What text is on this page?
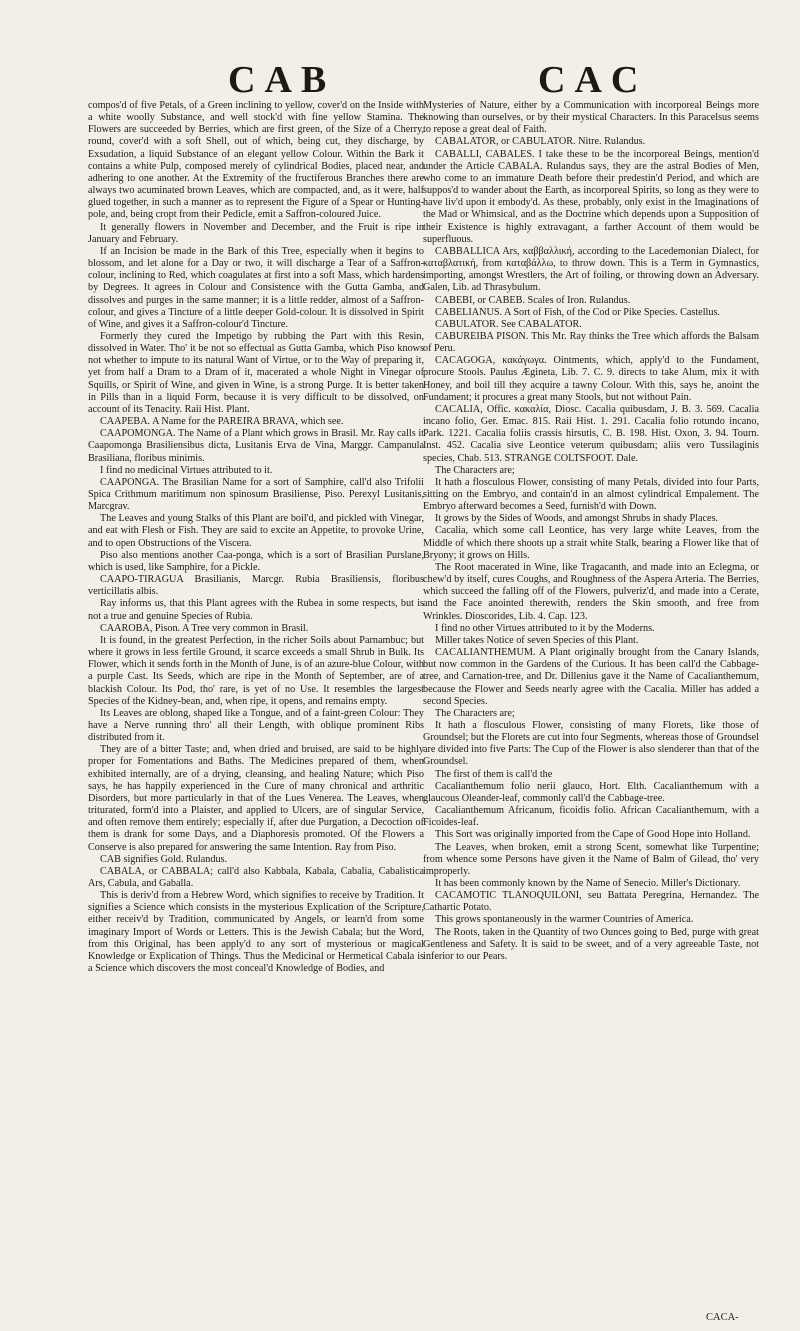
CAB	CAC

compos'd of five Petals, of a Green inclining to yellow, cover'd on the Inside with a white woolly Substance, and well stock'd with fine yellow Stamina. The Flowers are succeeded by Berries, which are first green, of the Size of a Cherry, round, cover'd with a soft Shell, out of which, being cut, they discharge, by Exsudation, a liquid Substance of an elegant yellow Colour. Within the Bark it contains a white Pulp, composed merely of cylindrical Bodies, placed near, and adhering to one another. At the Extremity of the fructiferous Branches there are always two acuminated brown Leaves, which are compacted, and, as it were, half glued together, in such a manner as to represent the Figure of a Spear or Hunting-pole, and, being cropt from their Pedicle, emit a Saffron-coloured Juice.

It generally flowers in November and December, and the Fruit is ripe in January and February.

If an Incision be made in the Bark of this Tree, especially when it begins to blossom, and let alone for a Day or two, it will discharge a Tear of a Saffron-colour, inclining to Red, which coagulates at first into a soft Mass, which hardens by Degrees. It agrees in Colour and Consistence with the Gutta Gamba, and dissolves and purges in the same manner; it is a little redder, almost of a Saffron-colour, and gives a Tincture of a little deeper Gold-colour. It is dissolved in Spirit of Wine, and gives it a Saffron-colour'd Tincture.

Formerly they cured the Impetigo by rubbing the Part with this Resin, dissolved in Water. Tho' it be not so effectual as Gutta Gamba, which Piso knows not whether to impute to its natural Want of Virtue, or to the Way of preparing it, yet from half a Dram to a Dram of it, macerated a whole Night in Vinegar of Squills, or Spirit of Wine, and given in Wine, is a strong Purge. It is better taken in Pills than in a liquid Form, because it is very difficult to be dissolved, on account of its Tenacity. Raii Hist. Plant.

CAAPEBA. A Name for the PAREIRA BRAVA, which see.

CAAPOMONGA. The Name of a Plant which grows in Brasil. Mr. Ray calls it Caapomonga Brasiliensibus dicta, Lusitanis Erva de Vina, Marggr. Campanula Brasiliana, floribus minimis.

I find no medicinal Virtues attributed to it.

CAAPONGA. The Brasilian Name for a sort of Samphire, call'd also Trifolii Spica Crithmum maritimum non spinosum Brasiliense, Piso. Perexyl Lusitanis, Marcgrav.

The Leaves and young Stalks of this Plant are boil'd, and pickled with Vinegar, and eat with Flesh or Fish. They are said to excite an Appetite, to provoke Urine, and to open Obstructions of the Viscera.

Piso also mentions another Caa-ponga, which is a sort of Brasilian Purslane, which is used, like Samphire, for a Pickle.

CAAPO-TIRAGUA Brasilianis, Marcgr. Rubia Brasiliensis, floribus verticillatis albis.

Ray informs us, that this Plant agrees with the Rubea in some respects, but is not a true and genuine Species of Rubia.

CAAROBA, Pison. A Tree very common in Brasil.

It is found, in the greatest Perfection, in the richer Soils about Parnambuc; but where it grows in less fertile Ground, it scarce exceeds a small Shrub in Bulk. Its Flower, which it sends forth in the Month of June, is of an azure-blue Colour, with a purple Cast. Its Seeds, which are ripe in the Month of September, are of a blackish Colour. Its Pod, tho' rare, is yet of no Use. It resembles the largest Species of the Kidney-bean, and, when ripe, it opens, and remains empty.

Its Leaves are oblong, shaped like a Tongue, and of a faint-green Colour: They have a Nerve running thro' all their Length, with oblique prominent Ribs distributed from it.

They are of a bitter Taste; and, when dried and bruised, are said to be highly proper for Fomentations and Baths. The Medicines prepared of them, when exhibited internally, are of a drying, cleansing, and healing Nature; which Piso says, he has happily experienced in the Cure of many chronical and arthritic Disorders, but more particularly in that of the Lues Venerea. The Leaves, when triturated, form'd into a Plaister, and applied to Ulcers, are of singular Service, and often remove them entirely; especially if, after due Purgation, a Decoction of them is drank for some Days, and a Diaphoresis promoted. Of the Flowers a Conserve is also prepared for answering the same Intention. Ray from Piso.

CAB signifies Gold. Rulandus.

CABALA, or CABBALA; call'd also Kabbala, Kabala, Cabalia, Cabalistica Ars, Cabula, and Gaballa.

This is deriv'd from a Hebrew Word, which signifies to receive by Tradition. It signifies a Science which consists in the mysterious Explication of the Scripture, either receiv'd by Tradition, communicated by Angels, or learn'd from some imaginary Import of Words or Letters. This is the Jewish Cabala; but the Word, from this Original, has been apply'd to any sort of mysterious or magical Knowledge or Explication of Things. Thus the Medicinal or Hermetical Cabala is a Science which discovers the most conceal'd Knowledge of Bodies, and

Mysteries of Nature, either by a Communication with incorporeal Beings more knowing than ourselves, or by their mystical Characters. In this Paracelsus seems to repose a great deal of Faith.

CABALATOR, or CABULATOR. Nitre. Rulandus.

CABALLI, CABALES. I take these to be the incorporeal Beings, mention'd under the Article CABALA. Rulandus says, they are the astral Bodies of Men, who come to an immature Death before their predestin'd Period, and which are suppos'd to wander about the Earth, as incorporeal Spirits, so long as they were to have liv'd upon it embody'd. As these, probably, only exist in the Imaginations of the Mad or Whimsical, and as the Doctrine which depends upon a Supposition of their Existence is highly extravagant, a farther Account of them would be superfluous.

CABBALLICA Ars, καββαλλική, according to the Lacedemonian Dialect, for καταβλατική, from καταβάλλω, to throw down. This is a Term in Gymnastics, importing, amongst Wrestlers, the Art of foiling, or throwing down an Adversary. Galen, Lib. ad Thrasybulum.

CABEBI, or CABEB. Scales of Iron. Rulandus.

CABELIANUS. A Sort of Fish, of the Cod or Pike Species. Castellus.

CABULATOR. See CABALATOR.

CABUREIBA PISON. This Mr. Ray thinks the Tree which affords the Balsam of Peru.

CACAGOGA, κακάγωγα. Ointments, which, apply'd to the Fundament, procure Stools. Paulus Ægineta, Lib. 7. C. 9. directs to take Alum, mix it with Honey, and boil till they acquire a tawny Colour. With this, says he, anoint the Fundament; it procures a great many Stools, but not without Pain.

CACALIA, Offic. κακαλία, Diosc. Cacalia quibusdam, J. B. 3. 569. Cacalia incano folio, Ger. Emac. 815. Raii Hist. 1. 291. Cacalia folio rotundo incano, Park. 1221. Cacalia foliis crassis hirsutis, C. B. 198. Hist. Oxon, 3. 94. Tourn. Inst. 452. Cacalia sive Leontice veterum quibusdam; aliis vero Tussilaginis species, Chab. 513. STRANGE COLTSFOOT. Dale.

The Characters are;

It hath a flosculous Flower, consisting of many Petals, divided into four Parts, sitting on the Embryo, and contain'd in an almost cylindrical Empalement. The Embryo afterward becomes a Seed, furnish'd with Down.

It grows by the Sides of Woods, and amongst Shrubs in shady Places.

Cacalia, which some call Leontice, has very large white Leaves, from the Middle of which there shoots up a strait white Stalk, bearing a Flower like that of Bryony; it grows on Hills.

The Root macerated in Wine, like Tragacanth, and made into an Eclegma, or chew'd by itself, cures Coughs, and Roughness of the Aspera Arteria. The Berries, which succeed the falling off of the Flowers, pulveriz'd, and made into a Cerate, and the Face anointed therewith, renders the Skin smooth, and free from Wrinkles. Dioscorides, Lib. 4. Cap. 123.

I find no other Virtues attributed to it by the Moderns.

Miller takes Notice of seven Species of this Plant.

CACALIANTHEMUM. A Plant originally brought from the Canary Islands, but now common in the Gardens of the Curious. It has been call'd the Cabbage-tree, and Carnation-tree, and Dr. Dillenius gave it the Name of Cacalianthemum, because the Flower and Seeds nearly agree with the Cacalia. Miller has added a second Species.

The Characters are;

It hath a flosculous Flower, consisting of many Florets, like those of Groundsel; but the Florets are cut into four Segments, whereas those of Groundsel are divided into five Parts: The Cup of the Flower is also slenderer than that of the Groundsel.

The first of them is call'd the

Cacalianthemum folio nerii glauco, Hort. Elth. Cacalianthemum with a glaucous Oleander-leaf, commonly call'd the Cabbage-tree.

Cacalianthemum Africanum, ficoidis folio. African Cacalianthemum, with a Ficoides-leaf.

This Sort was originally imported from the Cape of Good Hope into Holland.

The Leaves, when broken, emit a strong Scent, somewhat like Turpentine; from whence some Persons have given it the Name of Balm of Gilead, tho' very improperly.

It has been commonly known by the Name of Senecio. Miller's Dictionary.

CACAMOTIC TLANOQUILONI, seu Battata Peregrina, Hernandez. The Cathartic Potato.

This grows spontaneously in the warmer Countries of America.

The Roots, taken in the Quantity of two Ounces going to Bed, purge with great Gentleness and Safety. It is said to be sweet, and of a very agreeable Taste, not inferior to our Pears.

CACA-
